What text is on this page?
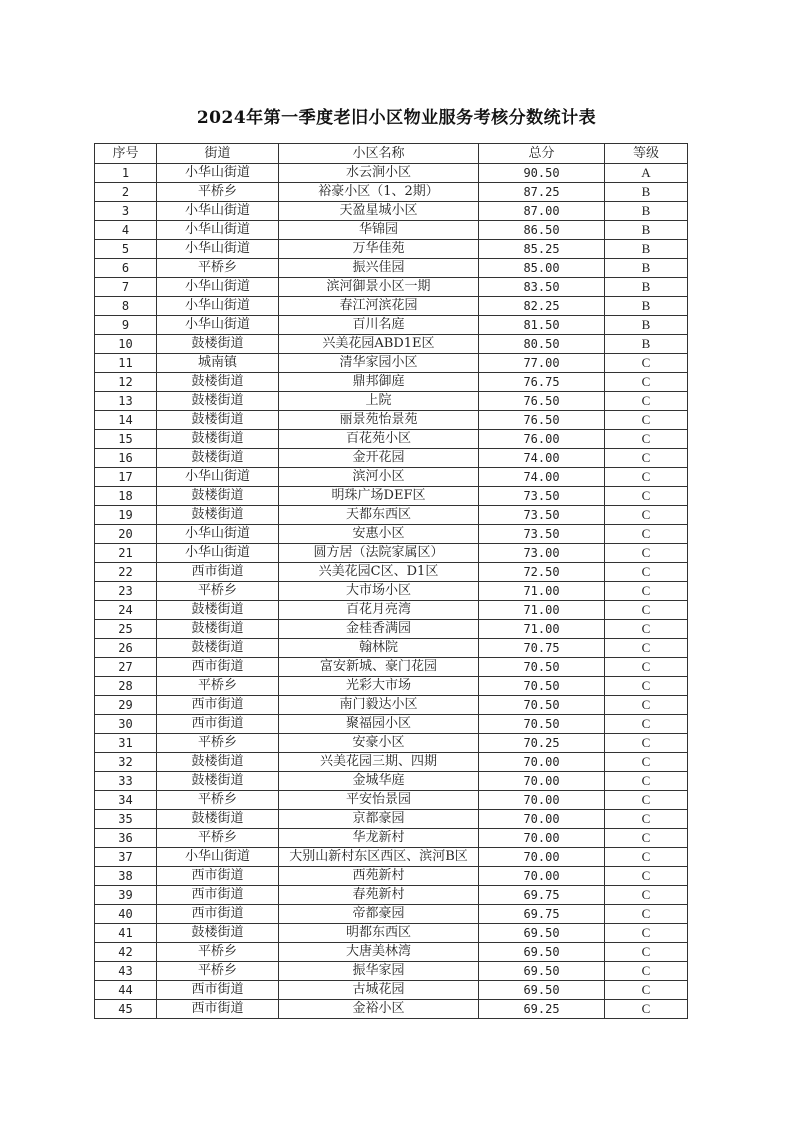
2024年第一季度老旧小区物业服务考核分数统计表
序号	街道	小区名称	总分	等级
1	小华山街道	水云涧小区	90.50	A
2	平桥乡	裕豪小区（1、2期）	87.25	B
3	小华山街道	天盈星城小区	87.00	B
4	小华山街道	华锦园	86.50	B
5	小华山街道	万华佳苑	85.25	B
6	平桥乡	振兴佳园	85.00	B
7	小华山街道	滨河御景小区一期	83.50	B
8	小华山街道	春江河滨花园	82.25	B
9	小华山街道	百川名庭	81.50	B
10	鼓楼街道	兴美花园ABD1E区	80.50	B
11	城南镇	清华家园小区	77.00	C
12	鼓楼街道	鼎邦御庭	76.75	C
13	鼓楼街道	上院	76.50	C
14	鼓楼街道	丽景苑怡景苑	76.50	C
15	鼓楼街道	百花苑小区	76.00	C
16	鼓楼街道	金开花园	74.00	C
17	小华山街道	滨河小区	74.00	C
18	鼓楼街道	明珠广场DEF区	73.50	C
19	鼓楼街道	天都东西区	73.50	C
20	小华山街道	安惠小区	73.50	C
21	小华山街道	圆方居（法院家属区）	73.00	C
22	西市街道	兴美花园C区、D1区	72.50	C
23	平桥乡	大市场小区	71.00	C
24	鼓楼街道	百花月亮湾	71.00	C
25	鼓楼街道	金桂香满园	71.00	C
26	鼓楼街道	翰林院	70.75	C
27	西市街道	富安新城、豪门花园	70.50	C
28	平桥乡	光彩大市场	70.50	C
29	西市街道	南门毅达小区	70.50	C
30	西市街道	聚福园小区	70.50	C
31	平桥乡	安豪小区	70.25	C
32	鼓楼街道	兴美花园三期、四期	70.00	C
33	鼓楼街道	金城华庭	70.00	C
34	平桥乡	平安怡景园	70.00	C
35	鼓楼街道	京都豪园	70.00	C
36	平桥乡	华龙新村	70.00	C
37	小华山街道	大别山新村东区西区、滨河B区	70.00	C
38	西市街道	西苑新村	70.00	C
39	西市街道	春苑新村	69.75	C
40	西市街道	帝都豪园	69.75	C
41	鼓楼街道	明都东西区	69.50	C
42	平桥乡	大唐美林湾	69.50	C
43	平桥乡	振华家园	69.50	C
44	西市街道	古城花园	69.50	C
45	西市街道	金裕小区	69.25	C
